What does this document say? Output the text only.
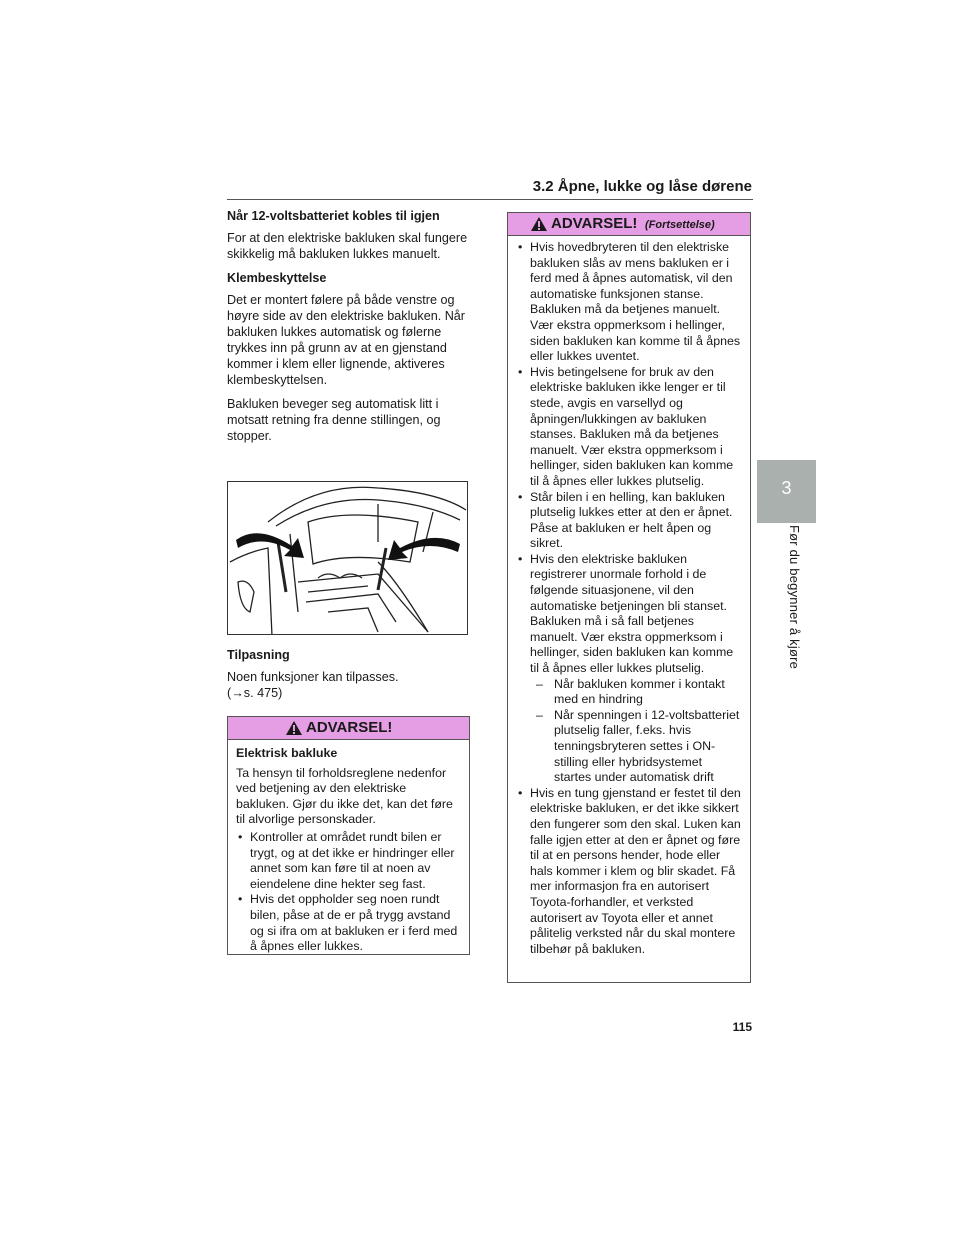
3.2 Åpne, lukke og låse dørene
3
Før du begynner å kjøre
Når 12-voltsbatteriet kobles til igjen

For at den elektriske bakluken skal fungere skikkelig må bakluken lukkes manuelt.

Klembeskyttelse

Det er montert følere på både venstre og høyre side av den elektriske bakluken. Når bakluken lukkes automatisk og følerne trykkes inn på grunn av at en gjenstand kommer i klem eller lignende, aktiveres klembeskyttelsen.

Bakluken beveger seg automatisk litt i motsatt retning fra denne stillingen, og stopper.

Tilpasning

Noen funksjoner kan tilpasses.

(→s. 475)

ADVARSEL!
Elektrisk bakluke

Ta hensyn til forholdsreglene nedenfor ved betjening av den elektriske bakluken. Gjør du ikke det, kan det føre til alvorlige personskader.

• Kontroller at området rundt bilen er trygt, og at det ikke er hindringer eller annet som kan føre til at noen av eiendelene dine hekter seg fast.
• Hvis det oppholder seg noen rundt bilen, påse at de er på trygg avstand og si ifra om at bakluken er i ferd med å åpnes eller lukkes.
ADVARSEL! (Fortsettelse)
• Hvis hovedbryteren til den elektriske bakluken slås av mens bakluken er i ferd med å åpnes automatisk, vil den automatiske funksjonen stanse. Bakluken må da betjenes manuelt. Vær ekstra oppmerksom i hellinger, siden bakluken kan komme til å åpnes eller lukkes uventet.
• Hvis betingelsene for bruk av den elektriske bakluken ikke lenger er til stede, avgis en varsellyd og åpningen/lukkingen av bakluken stanses. Bakluken må da betjenes manuelt. Vær ekstra oppmerksom i hellinger, siden bakluken kan komme til å åpnes eller lukkes plutselig.
• Står bilen i en helling, kan bakluken plutselig lukkes etter at den er åpnet. Påse at bakluken er helt åpen og sikret.
• Hvis den elektriske bakluken registrerer unormale forhold i de følgende situasjonene, vil den automatiske betjeningen bli stanset. Bakluken må i så fall betjenes manuelt. Vær ekstra oppmerksom i hellinger, siden bakluken kan komme til å åpnes eller lukkes plutselig.
– Når bakluken kommer i kontakt med en hindring
– Når spenningen i 12-voltsbatteriet plutselig faller, f.eks. hvis tenningsbryteren settes i ON-stilling eller hybridsystemet startes under automatisk drift
• Hvis en tung gjenstand er festet til den elektriske bakluken, er det ikke sikkert den fungerer som den skal. Luken kan falle igjen etter at den er åpnet og føre til at en persons hender, hode eller hals kommer i klem og blir skadet. Få mer informasjon fra en autorisert Toyota-forhandler, et verksted autorisert av Toyota eller et annet pålitelig verksted når du skal montere tilbehør på bakluken.
115
